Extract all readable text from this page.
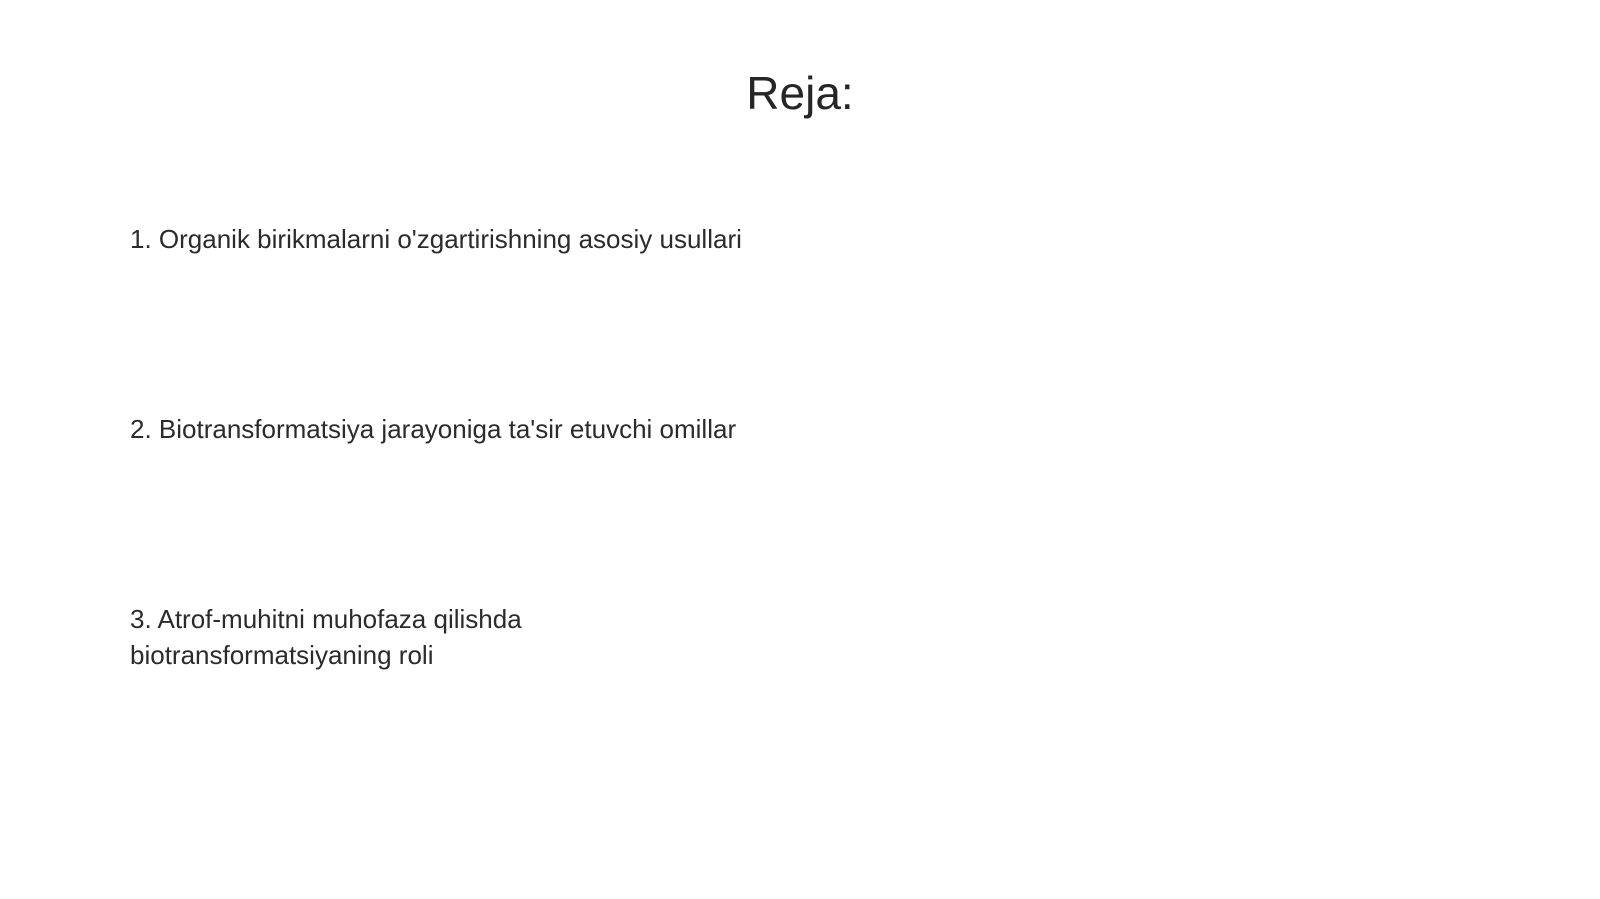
Reja:
1. Organik birikmalarni o'zgartirishning asosiy usullari
2. Biotransformatsiya jarayoniga ta'sir etuvchi omillar
3. Atrof-muhitni muhofaza qilishda
biotransformatsiyaning roli
